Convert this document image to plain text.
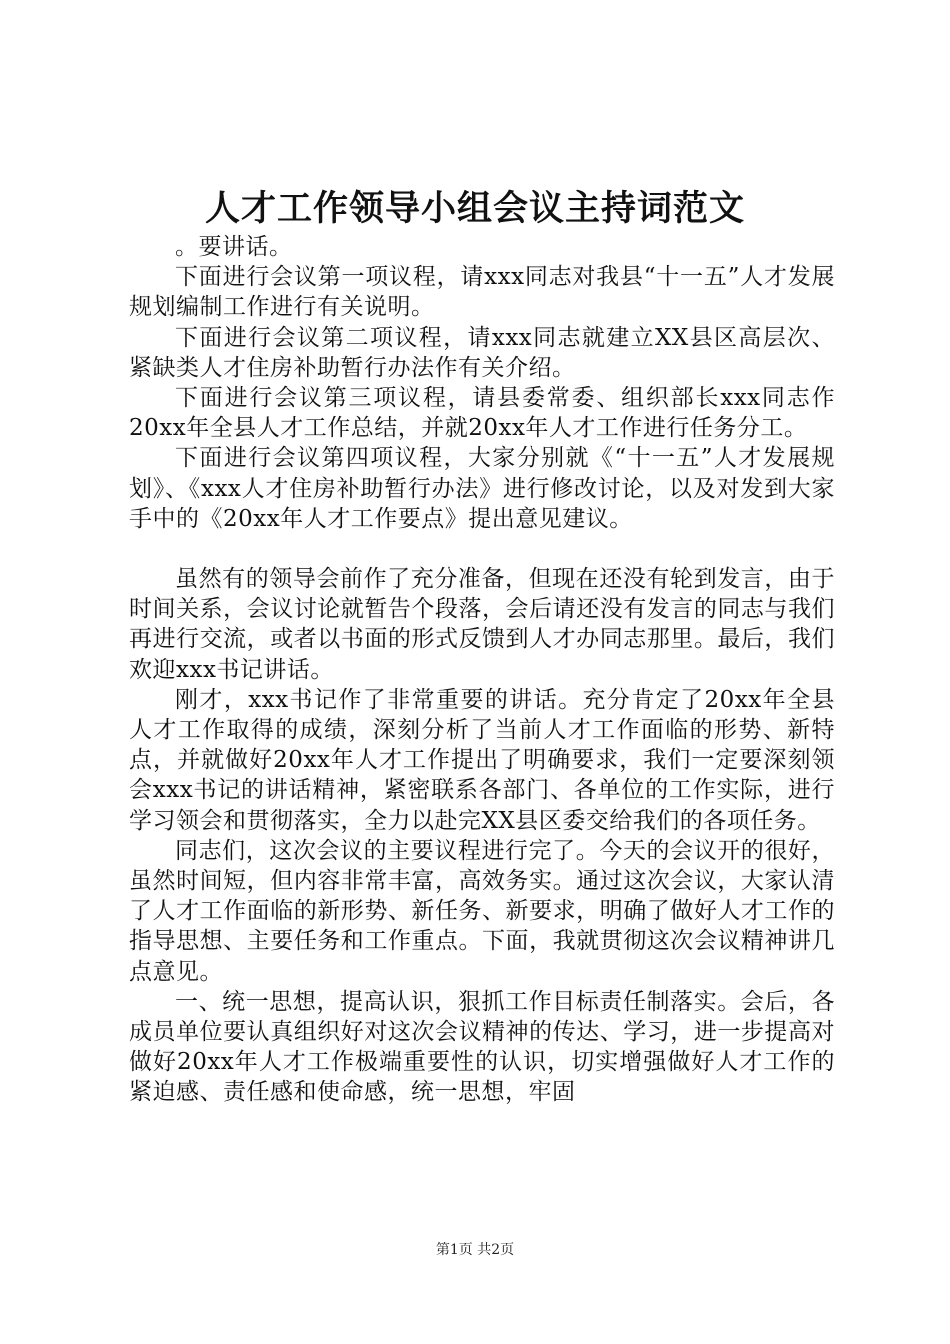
人才工作领导小组会议主持词范文

。要讲话。

下面进行会议第一项议程，请xxx同志对我县“十一五”人才发展规划编制工作进行有关说明。

下面进行会议第二项议程，请xxx同志就建立XX县区高层次、紧缺类人才住房补助暂行办法作有关介绍。

下面进行会议第三项议程，请县委常委、组织部长xxx同志作20xx年全县人才工作总结，并就20xx年人才工作进行任务分工。

下面进行会议第四项议程，大家分别就《“十一五”人才发展规划》、《xxx人才住房补助暂行办法》进行修改讨论，以及对发到大家手中的《20xx年人才工作要点》提出意见建议。

虽然有的领导会前作了充分准备，但现在还没有轮到发言，由于时间关系，会议讨论就暂告个段落，会后请还没有发言的同志与我们再进行交流，或者以书面的形式反馈到人才办同志那里。最后，我们欢迎xxx书记讲话。

刚才，xxx书记作了非常重要的讲话。充分肯定了20xx年全县人才工作取得的成绩，深刻分析了当前人才工作面临的形势、新特点，并就做好20xx年人才工作提出了明确要求，我们一定要深刻领会xxx书记的讲话精神，紧密联系各部门、各单位的工作实际，进行学习领会和贯彻落实，全力以赴完XX县区委交给我们的各项任务。

同志们，这次会议的主要议程进行完了。今天的会议开的很好，虽然时间短，但内容非常丰富，高效务实。通过这次会议，大家认清了人才工作面临的新形势、新任务、新要求，明确了做好人才工作的指导思想、主要任务和工作重点。下面，我就贯彻这次会议精神讲几点意见。

一、统一思想，提高认识，狠抓工作目标责任制落实。会后，各成员单位要认真组织好对这次会议精神的传达、学习，进一步提高对做好20xx年人才工作极端重要性的认识，切实增强做好人才工作的紧迫感、责任感和使命感，统一思想，牢固

第1页 共2页
